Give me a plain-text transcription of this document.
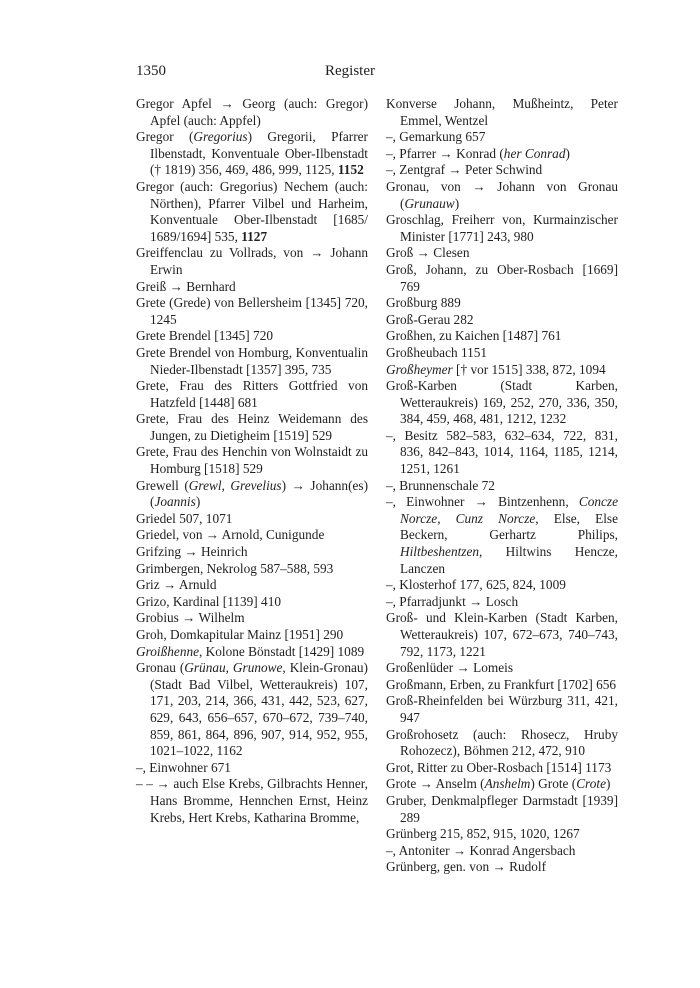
1350	Register
Gregor Apfel → Georg (auch: Gregor) Apfel (auch: Appfel)
Gregor (Gregorius) Gregorii, Pfarrer Ilbenstadt, Konventuale Ober-Ilbenstadt († 1819) 356, 469, 486, 999, 1125, 1152
Gregor (auch: Gregorius) Nechem (auch: Nörthen), Pfarrer Vilbel und Harheim, Konventuale Ober-Ilbenstadt [1685/ 1689/1694] 535, 1127
Greiffenclau zu Vollrads, von → Johann Erwin
Greiß → Bernhard
Grete (Grede) von Bellersheim [1345] 720, 1245
Grete Brendel [1345] 720
Grete Brendel von Homburg, Konventualin Nieder-Ilbenstadt [1357] 395, 735
Grete, Frau des Ritters Gottfried von Hatzfeld [1448] 681
Grete, Frau des Heinz Weidemann des Jungen, zu Dietigheim [1519] 529
Grete, Frau des Henchin von Wolnstaidt zu Homburg [1518] 529
Grewell (Grewl, Grevelius) → Johann(es) (Joannis)
Griedel 507, 1071
Griedel, von → Arnold, Cunigunde
Grifzing → Heinrich
Grimbergen, Nekrolog 587–588, 593
Griz → Arnuld
Grizo, Kardinal [1139] 410
Grobius → Wilhelm
Groh, Domkapitular Mainz [1951] 290
Groißhenne, Kolone Bönstadt [1429] 1089
Gronau (Grünau, Grunowe, Klein-Gronau) (Stadt Bad Vilbel, Wetteraukreis) 107, 171, 203, 214, 366, 431, 442, 523, 627, 629, 643, 656–657, 670–672, 739–740, 859, 861, 864, 896, 907, 914, 952, 955, 1021–1022, 1162
–, Einwohner 671
– – → auch Else Krebs, Gilbrachts Henner, Hans Bromme, Hennchen Ernst, Heinz Krebs, Hert Krebs, Katharina Bromme,
Konverse Johann, Mußheintz, Peter Emmel, Wentzel
–, Gemarkung 657
–, Pfarrer → Konrad (her Conrad)
–, Zentgraf → Peter Schwind
Gronau, von → Johann von Gronau (Grunauw)
Groschlag, Freiherr von, Kurmainzischer Minister [1771] 243, 980
Groß → Clesen
Groß, Johann, zu Ober-Rosbach [1669] 769
Großburg 889
Groß-Gerau 282
Großhen, zu Kaichen [1487] 761
Großheubach 1151
Großheymer [† vor 1515] 338, 872, 1094
Groß-Karben (Stadt Karben, Wetteraukreis) 169, 252, 270, 336, 350, 384, 459, 468, 481, 1212, 1232
–, Besitz 582–583, 632–634, 722, 831, 836, 842–843, 1014, 1164, 1185, 1214, 1251, 1261
–, Brunnenschale 72
–, Einwohner → Bintzenhenn, Concze Norcze, Cunz Norcze, Else, Else Beckern, Gerhartz Philips, Hiltbeshentzen, Hiltwins Hencze, Lanczen
–, Klosterhof 177, 625, 824, 1009
–, Pfarradjunkt → Losch
Groß- und Klein-Karben (Stadt Karben, Wetteraukreis) 107, 672–673, 740–743, 792, 1173, 1221
Großenlüder → Lomeis
Großmann, Erben, zu Frankfurt [1702] 656
Groß-Rheinfelden bei Würzburg 311, 421, 947
Großrohosetz (auch: Rhosecz, Hruby Rohozecz), Böhmen 212, 472, 910
Grot, Ritter zu Ober-Rosbach [1514] 1173
Grote → Anselm (Anshelm) Grote (Crote)
Gruber, Denkmalpfleger Darmstadt [1939] 289
Grünberg 215, 852, 915, 1020, 1267
–, Antoniter → Konrad Angersbach
Grünberg, gen. von → Rudolf
